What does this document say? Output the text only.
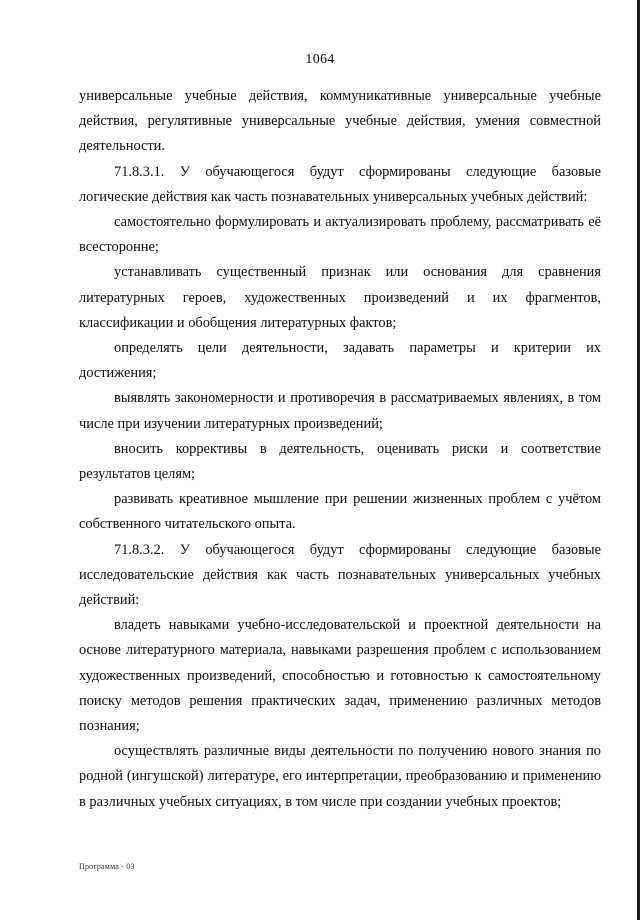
1064

универсальные учебные действия, коммуникативные универсальные учебные действия, регулятивные универсальные учебные действия, умения совместной деятельности.

71.8.3.1. У обучающегося будут сформированы следующие базовые логические действия как часть познавательных универсальных учебных действий:

самостоятельно формулировать и актуализировать проблему, рассматривать её всесторонне;

устанавливать существенный признак или основания для сравнения литературных героев, художественных произведений и их фрагментов, классификации и обобщения литературных фактов;

определять цели деятельности, задавать параметры и критерии их достижения;

выявлять закономерности и противоречия в рассматриваемых явлениях, в том числе при изучении литературных произведений;

вносить коррективы в деятельность, оценивать риски и соответствие результатов целям;

развивать креативное мышление при решении жизненных проблем с учётом собственного читательского опыта.

71.8.3.2. У обучающегося будут сформированы следующие базовые исследовательские действия как часть познавательных универсальных учебных действий:

владеть навыками учебно-исследовательской и проектной деятельности на основе литературного материала, навыками разрешения проблем с использованием художественных произведений, способностью и готовностью к самостоятельному поиску методов решения практических задач, применению различных методов познания;

осуществлять различные виды деятельности по получению нового знания по родной (ингушской) литературе, его интерпретации, преобразованию и применению в различных учебных ситуациях, в том числе при создании учебных проектов;

Программа - 03
